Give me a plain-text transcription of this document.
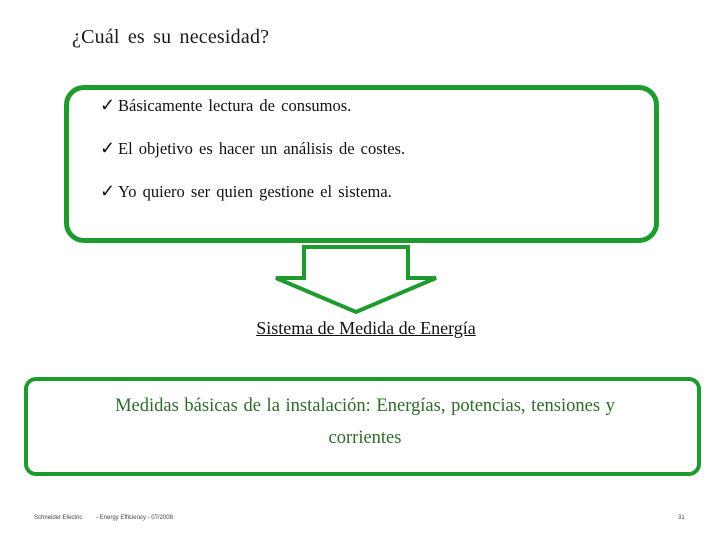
¿Cuál es su necesidad?
✓ Básicamente lectura de consumos.
✓ El objetivo es hacer un análisis de costes.
✓ Yo quiero ser quien gestione el sistema.
Sistema de Medida de Energía
Medidas básicas de la instalación: Energías, potencias, tensiones y corrientes
Schneider Electric - Energy Efficiency - 07/2008	31
